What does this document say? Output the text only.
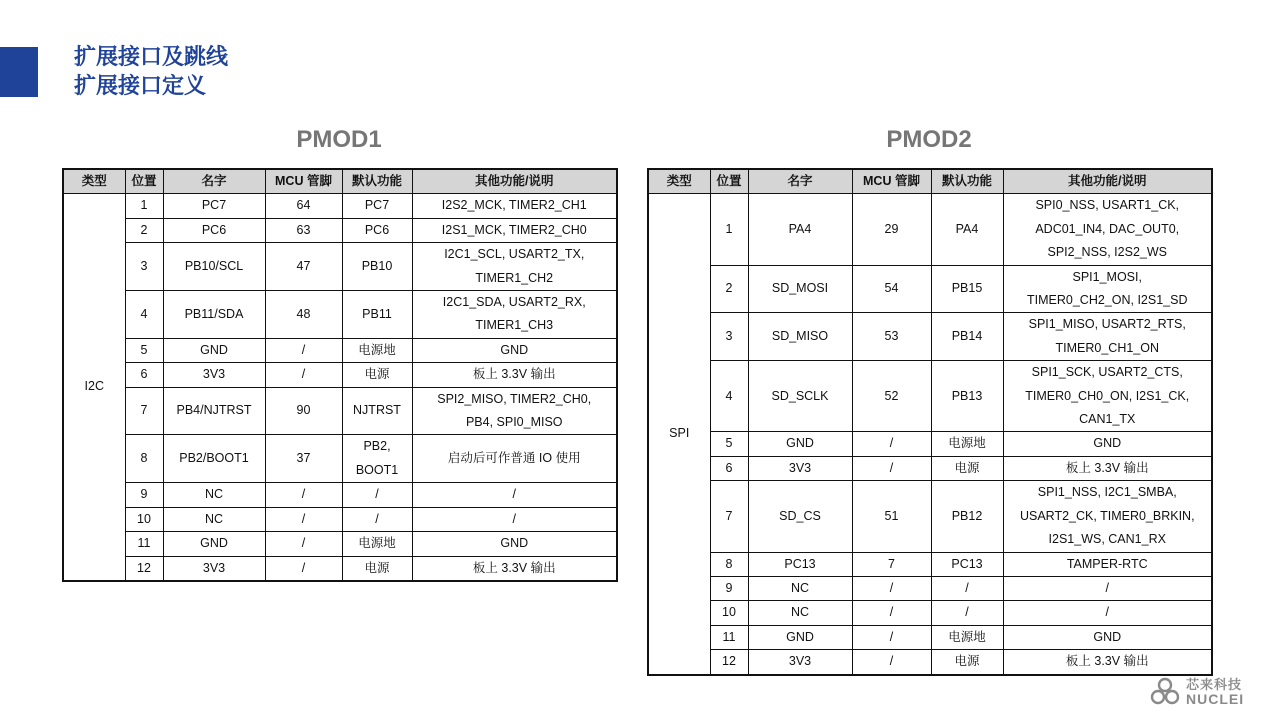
扩展接口及跳线
扩展接口定义
PMOD1	PMOD2
类型	位置	名字	MCU 管脚	默认功能	其他功能/说明
I2C	1	PC7	64	PC7	I2S2_MCK, TIMER2_CH1

	2	PC6	63	PC6	I2S1_MCK, TIMER2_CH0

	3	PB10/SCL	47	PB10	I2C1_SCL, USART2_TX,
TIMER1_CH2

	4	PB11/SDA	48	PB11	I2C1_SDA, USART2_RX,
TIMER1_CH3

	5	GND	/	电源地	GND

	6	3V3	/	电源	板上 3.3V 输出

	7	PB4/NJTRST	90	NJTRST	SPI2_MISO, TIMER2_CH0,
PB4, SPI0_MISO

	8	PB2/BOOT1	37	PB2,
BOOT1	启动后可作普通 IO 使用

	9	NC	/	/	/

	10	NC	/	/	/

	11	GND	/	电源地	GND

	12	3V3	/	电源	板上 3.3V 输出
类型	位置	名字	MCU 管脚	默认功能	其他功能/说明
SPI	1	PA4	29	PA4	SPI0_NSS, USART1_CK,
ADC01_IN4, DAC_OUT0,
SPI2_NSS, I2S2_WS

	2	SD_MOSI	54	PB15	SPI1_MOSI,
TIMER0_CH2_ON, I2S1_SD

	3	SD_MISO	53	PB14	SPI1_MISO, USART2_RTS,
TIMER0_CH1_ON

	4	SD_SCLK	52	PB13	SPI1_SCK, USART2_CTS,
TIMER0_CH0_ON, I2S1_CK,
CAN1_TX

	5	GND	/	电源地	GND

	6	3V3	/	电源	板上 3.3V 输出

	7	SD_CS	51	PB12	SPI1_NSS, I2C1_SMBA,
USART2_CK, TIMER0_BRKIN,
I2S1_WS, CAN1_RX

	8	PC13	7	PC13	TAMPER-RTC

	9	NC	/	/	/

	10	NC	/	/	/

	11	GND	/	电源地	GND

	12	3V3	/	电源	板上 3.3V 输出
芯来科技
NUCLEI
